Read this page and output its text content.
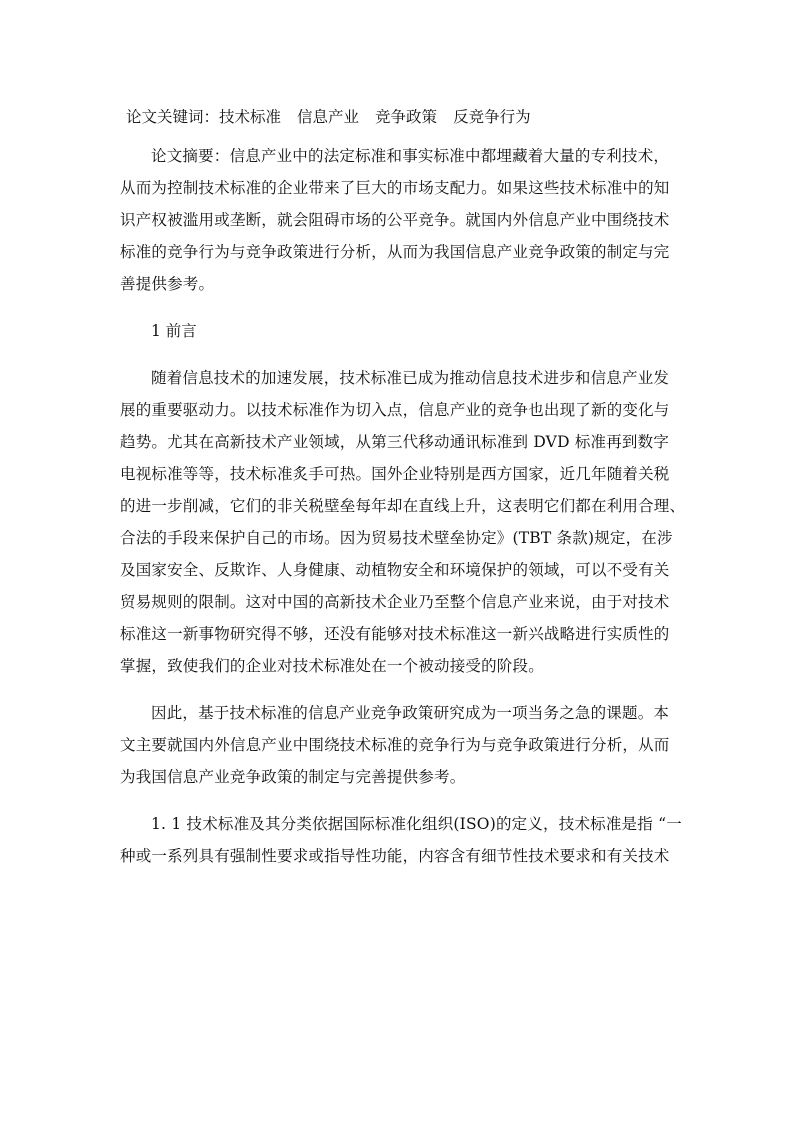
论文关键词：技术标准 信息产业 竞争政策 反竞争行为
论文摘要：信息产业中的法定标准和事实标准中都埋藏着大量的专利技术，
从而为控制技术标准的企业带来了巨大的市场支配力。如果这些技术标准中的知
识产权被滥用或垄断，就会阻碍市场的公平竞争。就国内外信息产业中围绕技术
标准的竞争行为与竞争政策进行分析，从而为我国信息产业竞争政策的制定与完
善提供参考。
1 前言
随着信息技术的加速发展，技术标准已成为推动信息技术进步和信息产业发
展的重要驱动力。以技术标准作为切入点，信息产业的竞争也出现了新的变化与
趋势。尤其在高新技术产业领域，从第三代移动通讯标准到 DVD 标准再到数字
电视标准等等，技术标准炙手可热。国外企业特别是西方国家，近几年随着关税
的进一步削减，它们的非关税壁垒每年却在直线上升，这表明它们都在利用合理、
合法的手段来保护自己的市场。因为贸易技术壁垒协定》(TBT 条款)规定，在涉
及国家安全、反欺诈、人身健康、动植物安全和环境保护的领域，可以不受有关
贸易规则的限制。这对中国的高新技术企业乃至整个信息产业来说，由于对技术
标准这一新事物研究得不够，还没有能够对技术标准这一新兴战略进行实质性的
掌握，致使我们的企业对技术标准处在一个被动接受的阶段。
因此，基于技术标准的信息产业竞争政策研究成为一项当务之急的课题。本
文主要就国内外信息产业中围绕技术标准的竞争行为与竞争政策进行分析，从而
为我国信息产业竞争政策的制定与完善提供参考。
1. 1 技术标准及其分类依据国际标准化组织(ISO)的定义，技术标准是指 “一
种或一系列具有强制性要求或指导性功能，内容含有细节性技术要求和有关技术
